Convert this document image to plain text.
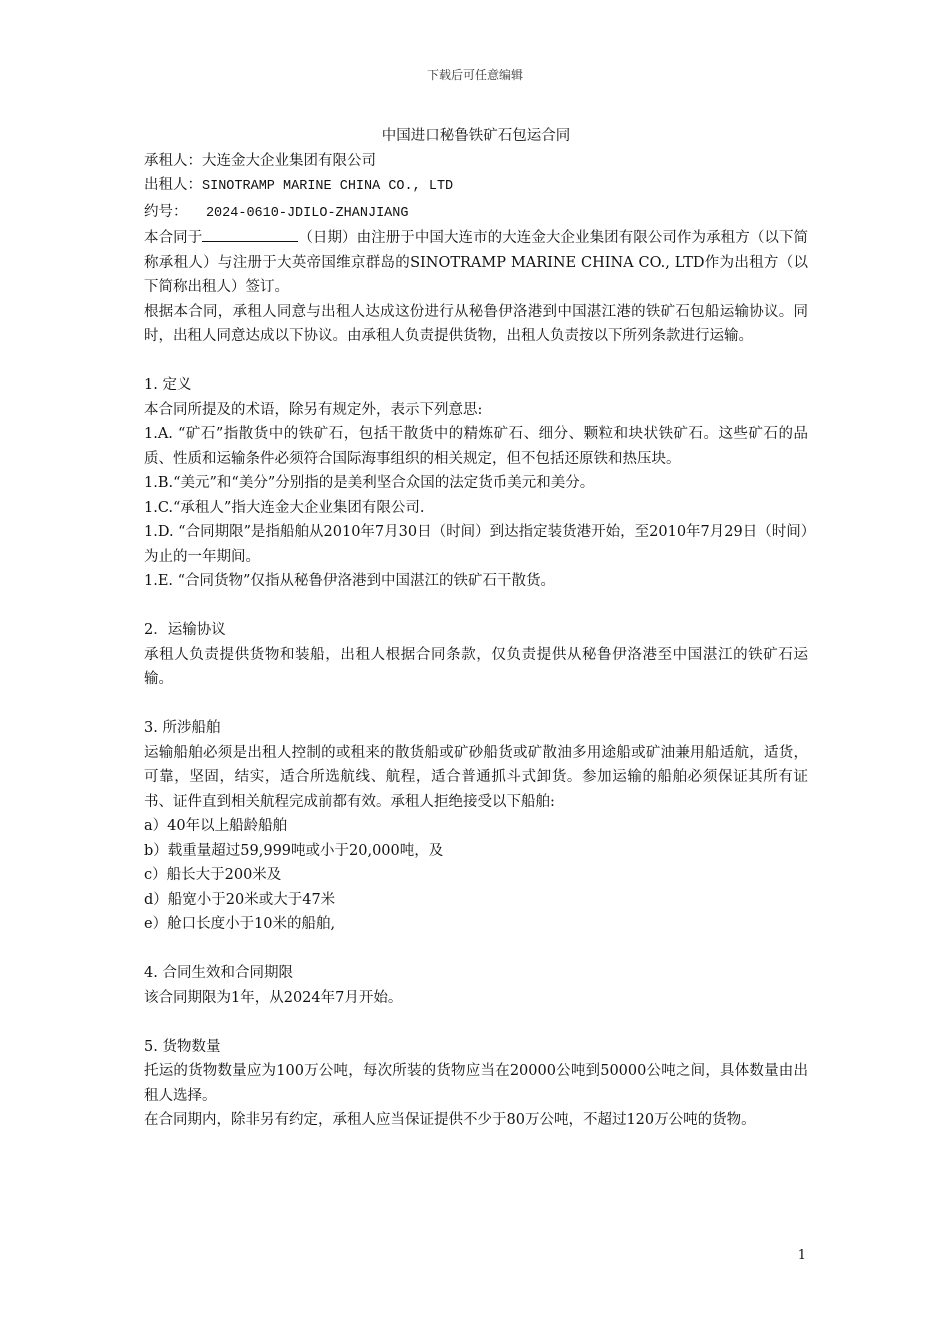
下载后可任意编辑

中国进口秘鲁铁矿石包运合同

承租人：大连金大企业集团有限公司

出租人：SINOTRAMP MARINE CHINA CO., LTD

约号： 2024-0610-JDILO-ZHANJIANG

本合同于	（日期）由注册于中国大连市的大连金大企业集团有限公司作为承租方（以下简称承租人）与注册于大英帝国维京群岛的SINOTRAMP MARINE CHINA CO., LTD作为出租方（以下简称出租人）签订。

根据本合同，承租人同意与出租人达成这份进行从秘鲁伊洛港到中国湛江港的铁矿石包船运输协议。同时，出租人同意达成以下协议。由承租人负责提供货物，出租人负责按以下所列条款进行运输。

1. 定义

本合同所提及的术语，除另有规定外，表示下列意思:

1.A. “矿石”指散货中的铁矿石，包括干散货中的精炼矿石、细分、颗粒和块状铁矿石。这些矿石的品质、性质和运输条件必须符合国际海事组织的相关规定，但不包括还原铁和热压块。

1.B.“美元”和“美分”分别指的是美利坚合众国的法定货币美元和美分。

1.C.“承租人”指大连金大企业集团有限公司.

1.D. “合同期限”是指船舶从2010年7月30日（时间）到达指定装货港开始，至2010年7月29日（时间）为止的一年期间。

1.E. “合同货物”仅指从秘鲁伊洛港到中国湛江的铁矿石干散货。

2．运输协议

承租人负责提供货物和装船，出租人根据合同条款，仅负责提供从秘鲁伊洛港至中国湛江的铁矿石运输。

3. 所涉船舶

运输船舶必须是出租人控制的或租来的散货船或矿砂船货或矿散油多用途船或矿油兼用船适航，适货，可靠，坚固，结实，适合所选航线、航程，适合普通抓斗式卸货。参加运输的船舶必须保证其所有证书、证件直到相关航程完成前都有效。承租人拒绝接受以下船舶:

a）40年以上船龄船舶

b）载重量超过59,999吨或小于20,000吨，及

c）船长大于200米及

d）船宽小于20米或大于47米

e）舱口长度小于10米的船舶,

4. 合同生效和合同期限

该合同期限为1年，从2024年7月开始。

5. 货物数量

托运的货物数量应为100万公吨，每次所装的货物应当在20000公吨到50000公吨之间，具体数量由出租人选择。

在合同期内，除非另有约定，承租人应当保证提供不少于80万公吨，不超过120万公吨的货物。

1
